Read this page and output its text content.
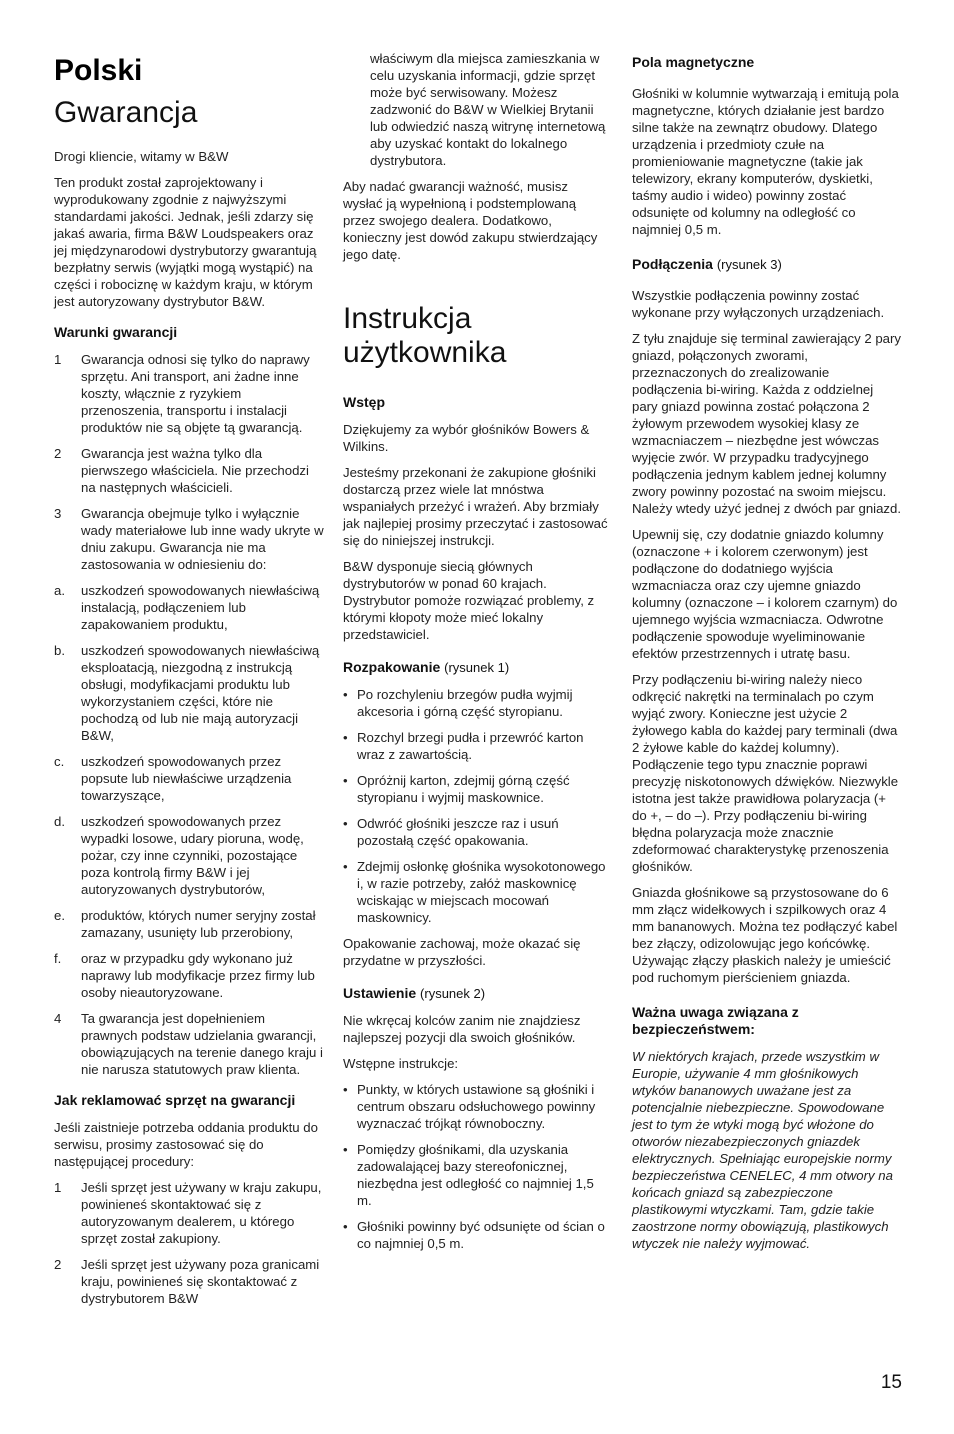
Polski
Gwarancja

Drogi kliencie, witamy w B&W

Ten produkt został zaprojektowany i wyprodukowany zgodnie z najwyższymi standardami jakości. Jednak, jeśli zdarzy się jakaś awaria, firma B&W Loudspeakers oraz jej międzynarodowi dystrybutorzy gwarantują bezpłatny serwis (wyjątki mogą wystąpić) na części i robociznę w każdym kraju, w którym jest autoryzowany dystrybutor B&W.

Warunki gwarancji
1	Gwarancja odnosi się tylko do naprawy sprzętu. Ani transport, ani żadne inne koszty, włącznie z ryzykiem przenoszenia, transportu i instalacji produktów nie są objęte tą gwarancją.
2	Gwarancja jest ważna tylko dla pierwszego właściciela. Nie przechodzi na następnych właścicieli.
3	Gwarancja obejmuje tylko i wyłącznie wady materiałowe lub inne wady ukryte w dniu zakupu. Gwarancja nie ma zastosowania w odniesieniu do:
a.	uszkodzeń spowodowanych niewłaściwą instalacją, podłączeniem lub zapakowaniem produktu,
b.	uszkodzeń spowodowanych niewłaściwą eksploatacją, niezgodną z instrukcją obsługi, modyfikacjami produktu lub wykorzystaniem części, które nie pochodzą od lub nie mają autoryzacji B&W,
c.	uszkodzeń spowodowanych przez popsute lub niewłaściwe urządzenia towarzyszące,
d.	uszkodzeń spowodowanych przez wypadki losowe, udary pioruna, wodę, pożar, czy inne czynniki, pozostające poza kontrolą firmy B&W i jej autoryzowanych dystrybutorów,
e.	produktów, których numer seryjny został zamazany, usunięty lub przerobiony,
f.	oraz w przypadku gdy wykonano już naprawy lub modyfikacje przez firmy lub osoby nieautoryzowane.
4	Ta gwarancja jest dopełnieniem prawnych podstaw udzielania gwarancji, obowiązujących na terenie danego kraju i nie narusza statutowych praw klienta.
Jak reklamować sprzęt na gwarancji

Jeśli zaistnieje potrzeba oddania produktu do serwisu, prosimy zastosować się do następującej procedury:

1	Jeśli sprzęt jest używany w kraju zakupu, powinieneś skontaktować się z autoryzowanym dealerem, u którego sprzęt został zakupiony.
2	Jeśli sprzęt jest używany poza granicami kraju, powinieneś się skontaktować z dystrybutorem B&W
właściwym dla miejsca zamieszkania w celu uzyskania informacji, gdzie sprzęt może być serwisowany. Możesz zadzwonić do B&W w Wielkiej Brytanii lub odwiedzić naszą witrynę internetową aby uzyskać kontakt do lokalnego dystrybutora.

Aby nadać gwarancji ważność, musisz wysłać ją wypełnioną i podstemplowaną przez swojego dealera. Dodatkowo, konieczny jest dowód zakupu stwierdzający jego datę.

Instrukcja użytkownika
Wstęp

Dziękujemy za wybór głośników Bowers & Wilkins.

Jesteśmy przekonani że zakupione głośniki dostarczą przez wiele lat mnóstwa wspaniałych przeżyć i wrażeń. Aby brzmiały jak najlepiej prosimy przeczytać i zastosować się do niniejszej instrukcji.

B&W dysponuje siecią głównych dystrybutorów w ponad 60 krajach. Dystrybutor pomoże rozwiązać problemy, z którymi kłopoty może mieć lokalny przedstawiciel.

Rozpakowanie (rysunek 1)
• Po rozchyleniu brzegów pudła wyjmij akcesoria i górną część styropianu.
• Rozchyl brzegi pudła i przewróć karton wraz z zawartością.
• Opróżnij karton, zdejmij górną część styropianu i wyjmij maskownice.
• Odwróć głośniki jeszcze raz i usuń pozostałą część opakowania.
• Zdejmij osłonkę głośnika wysokotonowego i, w razie potrzeby, załóż maskownicę wciskając w miejscach mocowań maskownicy.

Opakowanie zachowaj, może okazać się przydatne w przyszłości.

Ustawienie (rysunek 2)

Nie wkręcaj kolców zanim nie znajdziesz najlepszej pozycji dla swoich głośników.

Wstępne instrukcje:

• Punkty, w których ustawione są głośniki i centrum obszaru odsłuchowego powinny wyznaczać trójkąt równoboczny.
• Pomiędzy głośnikami, dla uzyskania zadowalającej bazy stereofonicznej, niezbędna jest odległość co najmniej 1,5 m.
• Głośniki powinny być odsunięte od ścian o co najmniej 0,5 m.
Pola magnetyczne

Głośniki w kolumnie wytwarzają i emitują pola magnetyczne, których działanie jest bardzo silne także na zewnątrz obudowy. Dlatego urządzenia i przedmioty czułe na promieniowanie magnetyczne (takie jak telewizory, ekrany komputerów, dyskietki, taśmy audio i wideo) powinny zostać odsunięte od kolumny na odległość co najmniej 0,5 m.

Podłączenia (rysunek 3)

Wszystkie podłączenia powinny zostać wykonane przy wyłączonych urządzeniach.

Z tyłu znajduje się terminal zawierający 2 pary gniazd, połączonych zworami, przeznaczonych do zrealizowanie podłączenia bi-wiring. Każda z oddzielnej pary gniazd powinna zostać połączona 2 żyłowym przewodem wysokiej klasy ze wzmacniaczem – niezbędne jest wówczas wyjęcie zwór. W przypadku tradycyjnego podłączenia jednym kablem jednej kolumny zwory powinny pozostać na swoim miejscu. Należy wtedy użyć jednej z dwóch par gniazd.

Upewnij się, czy dodatnie gniazdo kolumny (oznaczone + i kolorem czerwonym) jest podłączone do dodatniego wyjścia wzmacniacza oraz czy ujemne gniazdo kolumny (oznaczone – i kolorem czarnym) do ujemnego wyjścia wzmacniacza. Odwrotne podłączenie spowoduje wyeliminowanie efektów przestrzennych i utratę basu.

Przy podłączeniu bi-wiring należy nieco odkręcić nakrętki na terminalach po czym wyjąć zwory. Konieczne jest użycie 2 żyłowego kabla do każdej pary terminali (dwa 2 żyłowe kable do każdej kolumny). Podłączenie tego typu znacznie poprawi precyzję niskotonowych dźwięków. Niezwykle istotna jest także prawidłowa polaryzacja (+ do +, – do –). Przy podłączeniu bi-wiring błędna polaryzacja może znacznie zdeformować charakterystykę przenoszenia głośników.

Gniazda głośnikowe są przystosowane do 6 mm złącz widełkowych i szpilkowych oraz 4 mm bananowych. Można tez podłączyć kabel bez złączy, odizolowując jego końcówkę. Używając złączy płaskich należy je umieścić pod ruchomym pierścieniem gniazda.

Ważna uwaga związana z bezpieczeństwem:

W niektórych krajach, przede wszystkim w Europie, używanie 4 mm głośnikowych wtyków bananowych uważane jest za potencjalnie niebezpieczne. Spowodowane jest to tym że wtyki mogą być włożone do otworów niezabezpieczonych gniazdek elektrycznych. Spełniając europejskie normy bezpieczeństwa CENELEC, 4 mm otwory na końcach gniazd są zabezpieczone plastikowymi wtyczkami. Tam, gdzie takie zaostrzone normy obowiązują, plastikowych wtyczek nie należy wyjmować.

15
